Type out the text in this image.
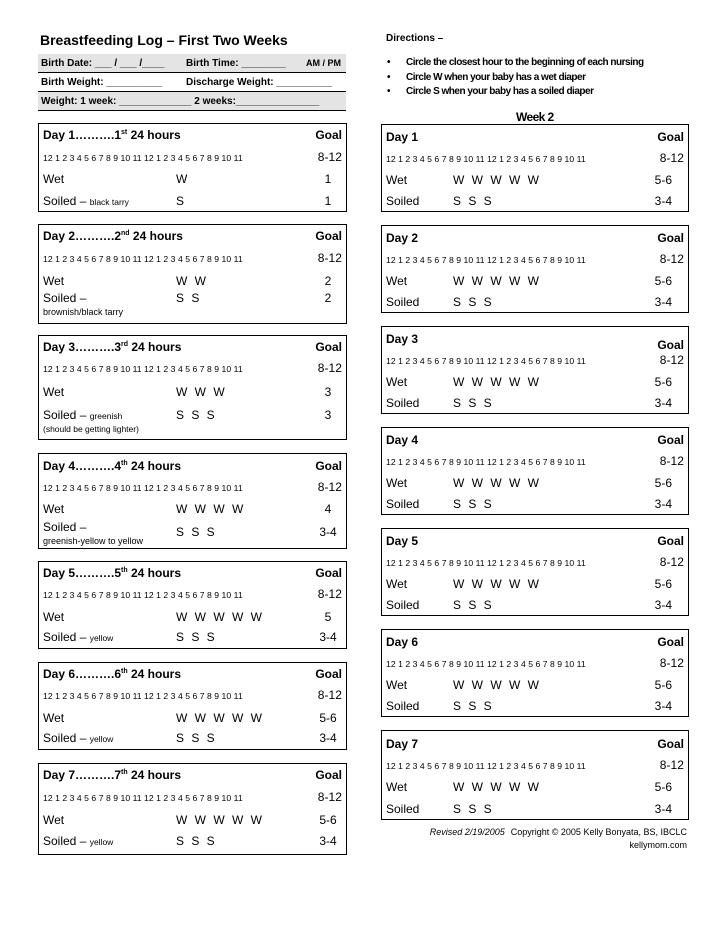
Breastfeeding Log – First Two Weeks
Birth Date: ___ / ___ /____ Birth Time: ________ AM / PM
Birth Weight: __________ Discharge Weight: __________
Weight: 1 week: _____________ 2 weeks:_______________
Directions –
• Circle the closest hour to the beginning of each nursing
• Circle W when your baby has a wet diaper
• Circle S when your baby has a soiled diaper
Week 2
Day 1……….1st 24 hours	Goal
12 1 2 3 4 5 6 7 8 9 10 11 12 1 2 3 4 5 6 7 8 9 10 11	8-12
Wet	W	1
Soiled – black tarry	S	1
Day 2……….2nd 24 hours	Goal
12 1 2 3 4 5 6 7 8 9 10 11 12 1 2 3 4 5 6 7 8 9 10 11	8-12
Wet	W W	2
Soiled –	S S	2
brownish/black tarry
Day 3……….3rd 24 hours	Goal
12 1 2 3 4 5 6 7 8 9 10 11 12 1 2 3 4 5 6 7 8 9 10 11	8-12
Wet	W W W	3
Soiled – greenish	S S S	3
(should be getting lighter)
Day 4……….4th 24 hours	Goal
12 1 2 3 4 5 6 7 8 9 10 11 12 1 2 3 4 5 6 7 8 9 10 11	8-12
Wet	W W W W	4
Soiled –	S S S	3-4
greenish-yellow to yellow
Day 5……….5th 24 hours	Goal
12 1 2 3 4 5 6 7 8 9 10 11 12 1 2 3 4 5 6 7 8 9 10 11	8-12
Wet	W W W W W	5
Soiled – yellow	S S S	3-4
Day 6……….6th 24 hours	Goal
12 1 2 3 4 5 6 7 8 9 10 11 12 1 2 3 4 5 6 7 8 9 10 11	8-12
Wet	W W W W W	5-6
Soiled – yellow	S S S	3-4
Day 7……….7th 24 hours	Goal
12 1 2 3 4 5 6 7 8 9 10 11 12 1 2 3 4 5 6 7 8 9 10 11	8-12
Wet	W W W W W	5-6
Soiled – yellow	S S S	3-4
Day 1	Goal
12 1 2 3 4 5 6 7 8 9 10 11 12 1 2 3 4 5 6 7 8 9 10 11	8-12
Wet	W W W W W	5-6
Soiled	S S S	3-4
Day 2	Goal
12 1 2 3 4 5 6 7 8 9 10 11 12 1 2 3 4 5 6 7 8 9 10 11	8-12
Wet	W W W W W	5-6
Soiled	S S S	3-4
Day 3	Goal
12 1 2 3 4 5 6 7 8 9 10 11 12 1 2 3 4 5 6 7 8 9 10 11	8-12
Wet	W W W W W	5-6
Soiled	S S S	3-4
Day 4	Goal
12 1 2 3 4 5 6 7 8 9 10 11 12 1 2 3 4 5 6 7 8 9 10 11	8-12
Wet	W W W W W	5-6
Soiled	S S S	3-4
Day 5	Goal
12 1 2 3 4 5 6 7 8 9 10 11 12 1 2 3 4 5 6 7 8 9 10 11	8-12
Wet	W W W W W	5-6
Soiled	S S S	3-4
Day 6	Goal
12 1 2 3 4 5 6 7 8 9 10 11 12 1 2 3 4 5 6 7 8 9 10 11	8-12
Wet	W W W W W	5-6
Soiled	S S S	3-4
Day 7	Goal
12 1 2 3 4 5 6 7 8 9 10 11 12 1 2 3 4 5 6 7 8 9 10 11	8-12
Wet	W W W W W	5-6
Soiled	S S S	3-4
Revised 2/19/2005 Copyright © 2005 Kelly Bonyata, BS, IBCLC
kellymom.com
